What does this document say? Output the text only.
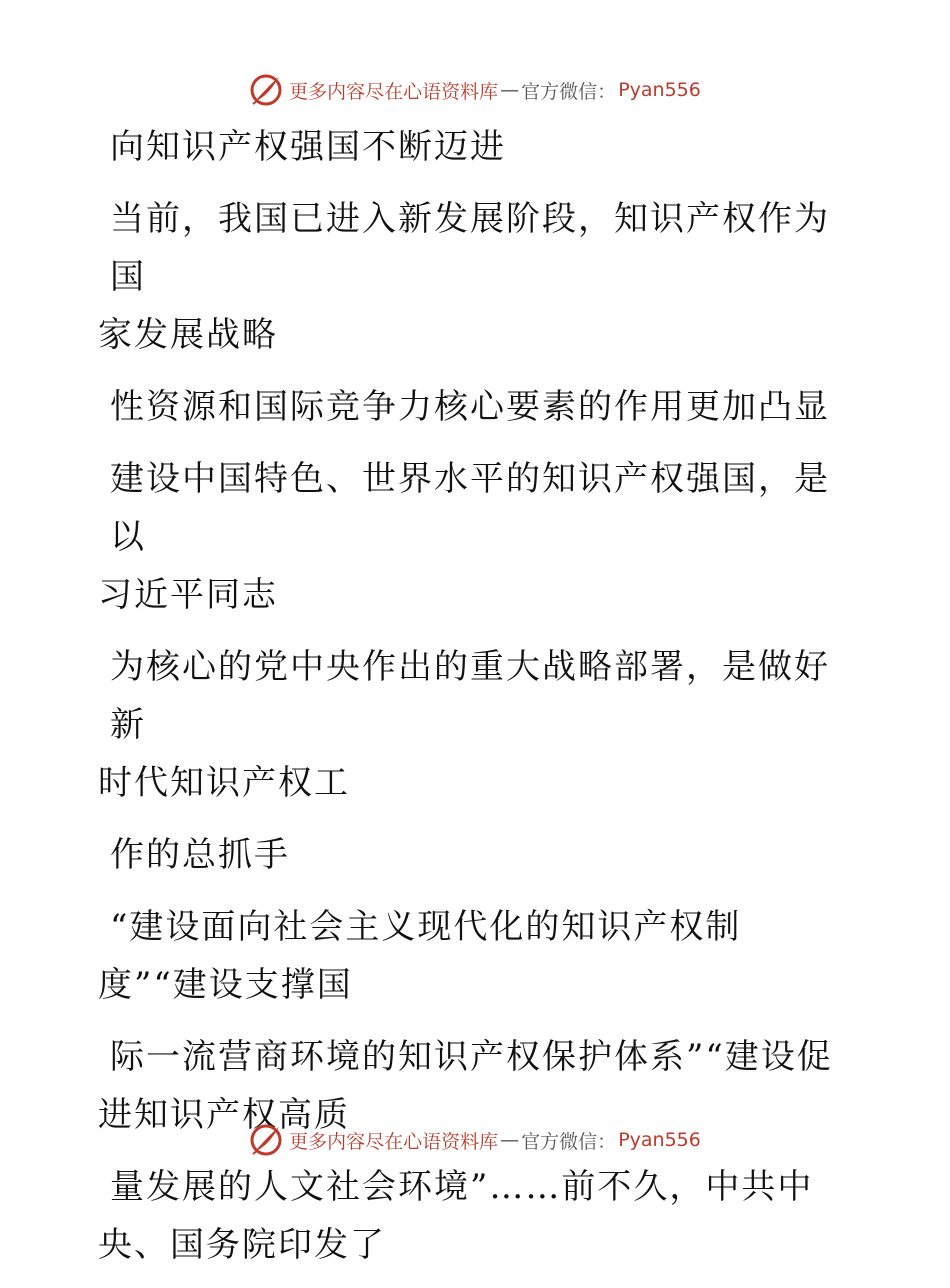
更多内容尽在心语资料库 — 官方微信： Pyan556
向知识产权强国不断迈进
当前，我国已进入新发展阶段，知识产权作为国
家发展战略
性资源和国际竞争力核心要素的作用更加凸显
建设中国特色、世界水平的知识产权强国，是以
习近平同志
为核心的党中央作出的重大战略部署，是做好新
时代知识产权工
作的总抓手
“建设面向社会主义现代化的知识产权制
度”“建设支撑国
际一流营商环境的知识产权保护体系”“建设促
进知识产权高质
量发展的人文社会环境”……前不久，中共中
央、国务院印发了
更多内容尽在心语资料库 — 官方微信： Pyan556
